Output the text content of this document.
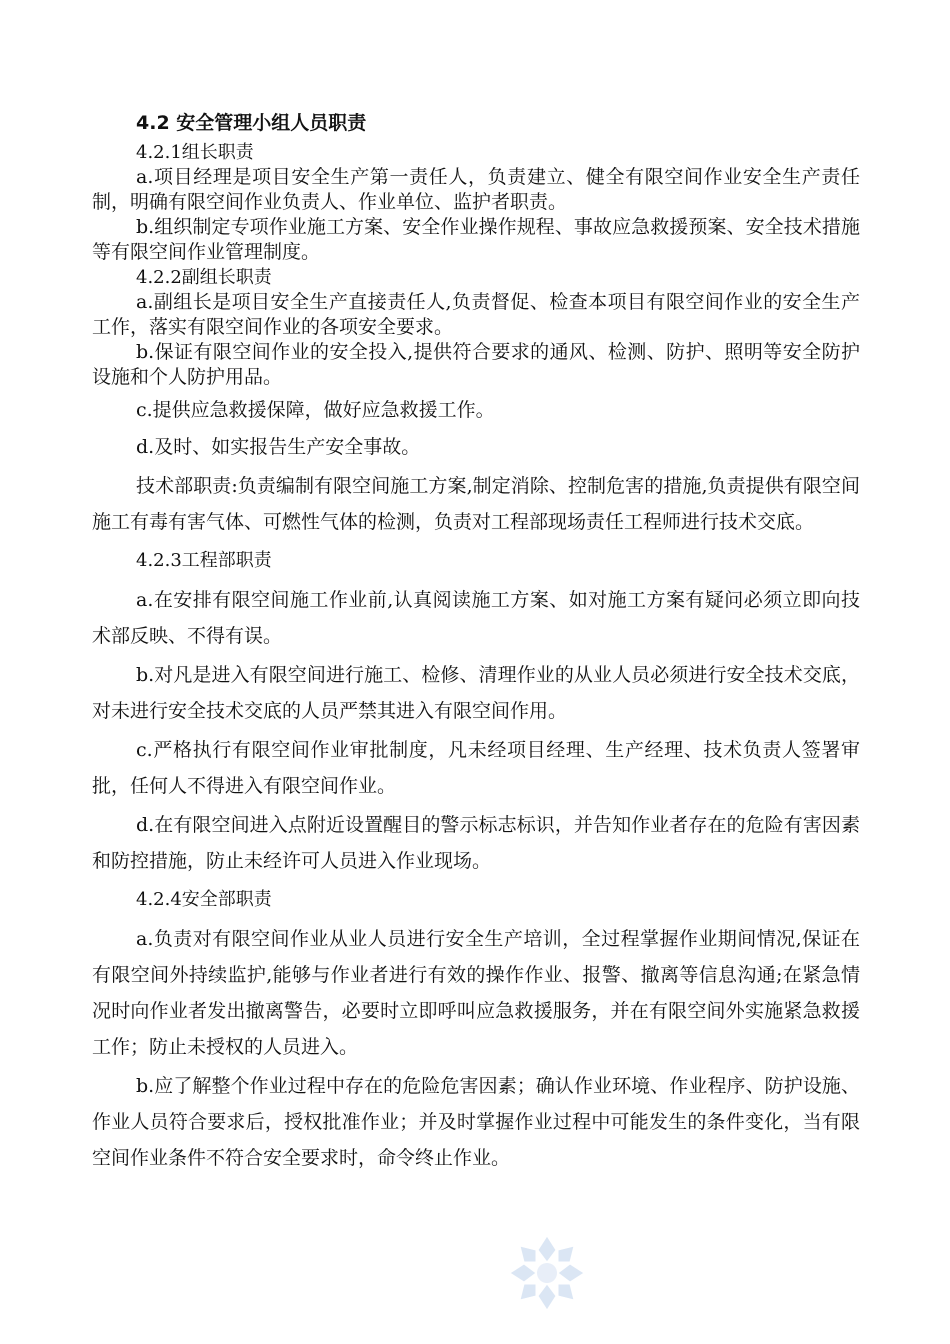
4.2 安全管理小组人员职责

4.2.1组长职责

a.项目经理是项目安全生产第一责任人，负责建立、健全有限空间作业安全生产责任制，明确有限空间作业负责人、作业单位、监护者职责。

b.组织制定专项作业施工方案、安全作业操作规程、事故应急救援预案、安全技术措施等有限空间作业管理制度。

4.2.2副组长职责

a.副组长是项目安全生产直接责任人,负责督促、检查本项目有限空间作业的安全生产工作，落实有限空间作业的各项安全要求。

b.保证有限空间作业的安全投入,提供符合要求的通风、检测、防护、照明等安全防护设施和个人防护用品。

c.提供应急救援保障，做好应急救援工作。

d.及时、如实报告生产安全事故。

技术部职责:负责编制有限空间施工方案,制定消除、控制危害的措施,负责提供有限空间施工有毒有害气体、可燃性气体的检测，负责对工程部现场责任工程师进行技术交底。

4.2.3工程部职责

a.在安排有限空间施工作业前,认真阅读施工方案、如对施工方案有疑问必须立即向技术部反映、不得有误。

b.对凡是进入有限空间进行施工、检修、清理作业的从业人员必须进行安全技术交底，对未进行安全技术交底的人员严禁其进入有限空间作用。

c.严格执行有限空间作业审批制度，凡未经项目经理、生产经理、技术负责人签署审批，任何人不得进入有限空间作业。

d.在有限空间进入点附近设置醒目的警示标志标识，并告知作业者存在的危险有害因素和防控措施，防止未经许可人员进入作业现场。

4.2.4安全部职责

a.负责对有限空间作业从业人员进行安全生产培训，全过程掌握作业期间情况,保证在有限空间外持续监护,能够与作业者进行有效的操作作业、报警、撤离等信息沟通;在紧急情况时向作业者发出撤离警告，必要时立即呼叫应急救援服务，并在有限空间外实施紧急救援工作；防止未授权的人员进入。

b.应了解整个作业过程中存在的危险危害因素；确认作业环境、作业程序、防护设施、作业人员符合要求后，授权批准作业；并及时掌握作业过程中可能发生的条件变化，当有限空间作业条件不符合安全要求时，命令终止作业。
